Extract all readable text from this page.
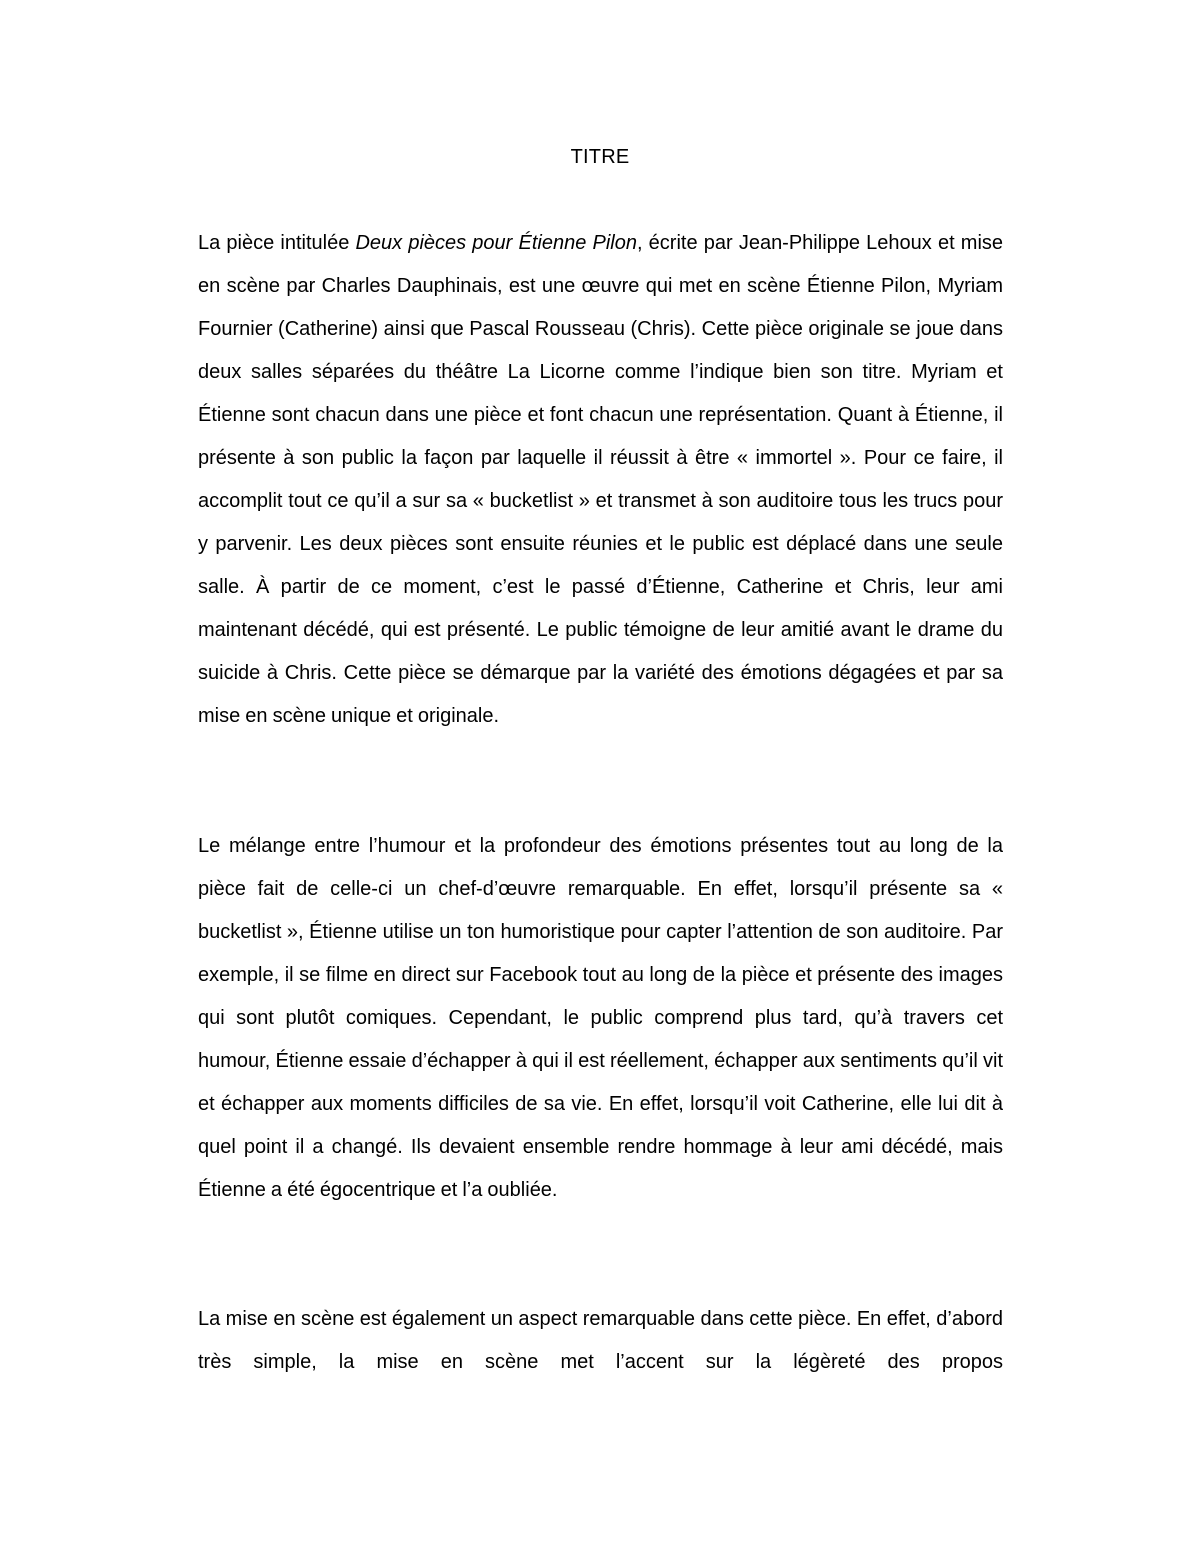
TITRE

La pièce intitulée Deux pièces pour Étienne Pilon, écrite par Jean-Philippe Lehoux et mise en scène par Charles Dauphinais, est une œuvre qui met en scène Étienne Pilon, Myriam Fournier (Catherine) ainsi que Pascal Rousseau (Chris). Cette pièce originale se joue dans deux salles séparées du théâtre La Licorne comme l’indique bien son titre. Myriam et Étienne sont chacun dans une pièce et font chacun une représentation. Quant à Étienne, il présente à son public la façon par laquelle il réussit à être « immortel ». Pour ce faire, il accomplit tout ce qu’il a sur sa « bucketlist » et transmet à son auditoire tous les trucs pour y parvenir. Les deux pièces sont ensuite réunies et le public est déplacé dans une seule salle. À partir de ce moment, c’est le passé d’Étienne, Catherine et Chris, leur ami maintenant décédé, qui est présenté. Le public témoigne de leur amitié avant le drame du suicide à Chris. Cette pièce se démarque par la variété des émotions dégagées et par sa mise en scène unique et originale.

Le mélange entre l’humour et la profondeur des émotions présentes tout au long de la pièce fait de celle-ci un chef-d’œuvre remarquable. En effet, lorsqu’il présente sa « bucketlist », Étienne utilise un ton humoristique pour capter l’attention de son auditoire. Par exemple, il se filme en direct sur Facebook tout au long de la pièce et présente des images qui sont plutôt comiques. Cependant, le public comprend plus tard, qu’à travers cet humour, Étienne essaie d’échapper à qui il est réellement, échapper aux sentiments qu’il vit et échapper aux moments difficiles de sa vie. En effet, lorsqu’il voit Catherine, elle lui dit à quel point il a changé. Ils devaient ensemble rendre hommage à leur ami décédé, mais Étienne a été égocentrique et l’a oubliée.

La mise en scène est également un aspect remarquable dans cette pièce. En effet, d’abord très simple, la mise en scène met l’accent sur la légèreté des propos
